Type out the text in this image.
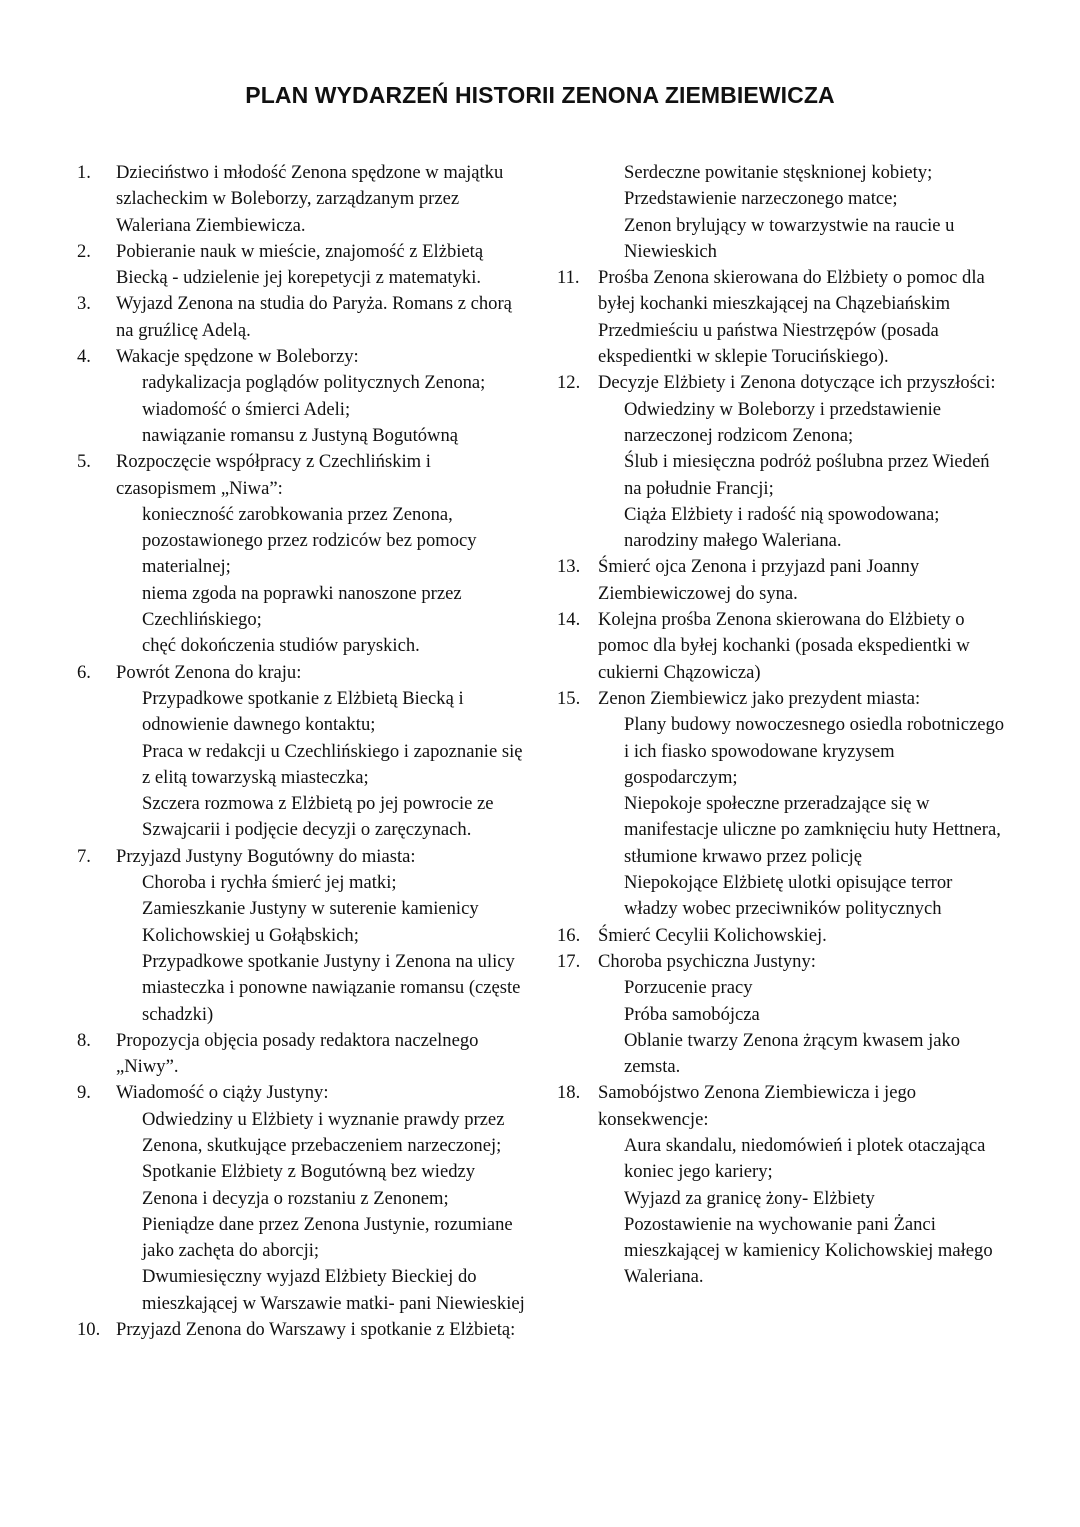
PLAN WYDARZEŃ HISTORII ZENONA ZIEMBIEWICZA
1. Dzieciństwo i młodość Zenona spędzone w majątku szlacheckim w Boleborzy, zarządzanym przez Waleriana Ziembiewicza.
2. Pobieranie nauk w mieście, znajomość z Elżbietą Biecką - udzielenie jej korepetycji z matematyki.
3. Wyjazd Zenona na studia do Paryża. Romans z chorą na gruźlicę Adelą.
4. Wakacje spędzone w Boleborzy:
radykalizacja poglądów politycznych Zenona;
wiadomość o śmierci Adeli;
nawiązanie romansu z Justyną Bogutówną
5. Rozpoczęcie współpracy z Czechlińskim i czasopismem „Niwa”:
konieczność zarobkowania przez Zenona, pozostawionego przez rodziców bez pomocy materialnej;
niema zgoda na poprawki nanoszone przez Czechlińskiego;
chęć dokończenia studiów paryskich.
6. Powrót Zenona do kraju:
Przypadkowe spotkanie z Elżbietą Biecką i odnowienie dawnego kontaktu;
Praca w redakcji u Czechlińskiego i zapoznanie się z elitą towarzyską miasteczka;
Szczera rozmowa z Elżbietą po jej powrocie ze Szwajcarii i podjęcie decyzji o zaręczynach.
7. Przyjazd Justyny Bogutówny do miasta:
Choroba i rychła śmierć jej matki;
Zamieszkanie Justyny w suterenie kamienicy Kolichowskiej u Gołąbskich;
Przypadkowe spotkanie Justyny i Zenona na ulicy miasteczka i ponowne nawiązanie romansu (częste schadzki)
8. Propozycja objęcia posady redaktora naczelnego „Niwy”.
9. Wiadomość o ciąży Justyny:
Odwiedziny u Elżbiety i wyznanie prawdy przez Zenona, skutkujące przebaczeniem narzeczonej;
Spotkanie Elżbiety z Bogutówną bez wiedzy Zenona i decyzja o rozstaniu z Zenonem;
Pieniądze dane przez Zenona Justynie, rozumiane jako zachęta do aborcji;
Dwumiesięczny wyjazd Elżbiety Bieckiej do mieszkającej w Warszawie matki- pani Niewieskiej
10. Przyjazd Zenona do Warszawy i spotkanie z Elżbietą:
Serdeczne powitanie stęsknionej kobiety;
Przedstawienie narzeczonego matce;
Zenon brylujący w towarzystwie na raucie u Niewieskich
11. Prośba Zenona skierowana do Elżbiety o pomoc dla byłej kochanki mieszkającej na Chązebiańskim Przedmieściu u państwa Niestrzępów (posada ekspedientki w sklepie Torucińskiego).
12. Decyzje Elżbiety i Zenona dotyczące ich przyszłości:
Odwiedziny w Boleborzy i przedstawienie narzeczonej rodzicom Zenona;
Ślub i miesięczna podróż poślubna przez Wiedeń na południe Francji;
Ciąża Elżbiety i radość nią spowodowana; narodziny małego Waleriana.
13. Śmierć ojca Zenona i przyjazd pani Joanny Ziembiewiczowej do syna.
14. Kolejna prośba Zenona skierowana do Elżbiety o pomoc dla byłej kochanki (posada ekspedientki w cukierni Chązowicza)
15. Zenon Ziembiewicz jako prezydent miasta:
Plany budowy nowoczesnego osiedla robotniczego i ich fiasko spowodowane kryzysem gospodarczym;
Niepokoje społeczne przeradzające się w manifestacje uliczne po zamknięciu huty Hettnera, stłumione krwawo przez policję
Niepokojące Elżbietę ulotki opisujące terror władzy wobec przeciwników politycznych
16. Śmierć Cecylii Kolichowskiej.
17. Choroba psychiczna Justyny:
Porzucenie pracy
Próba samobójcza
Oblanie twarzy Zenona żrącym kwasem jako zemsta.
18. Samobójstwo Zenona Ziembiewicza i jego konsekwencje:
Aura skandalu, niedomówień i plotek otaczająca koniec jego kariery;
Wyjazd za granicę żony- Elżbiety
Pozostawienie na wychowanie pani Żanci mieszkającej w kamienicy Kolichowskiej małego Waleriana.
